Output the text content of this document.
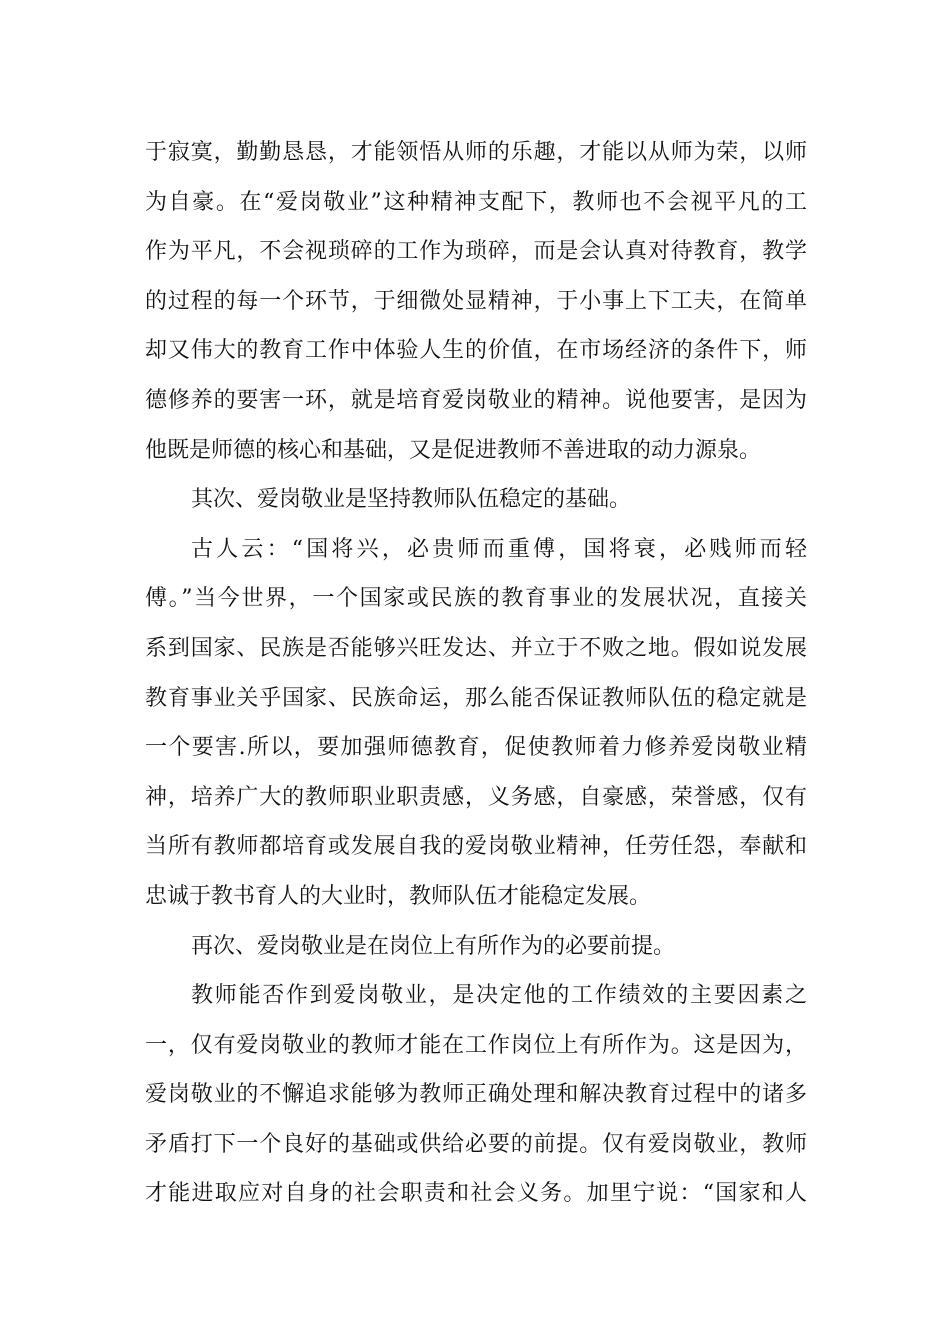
于寂寞，勤勤恳恳，才能领悟从师的乐趣，才能以从师为荣，以师
为自豪。在“爱岗敬业”这种精神支配下，教师也不会视平凡的工
作为平凡，不会视琐碎的工作为琐碎，而是会认真对待教育，教学
的过程的每一个环节，于细微处显精神，于小事上下工夫，在简单
却又伟大的教育工作中体验人生的价值，在市场经济的条件下，师
德修养的要害一环，就是培育爱岗敬业的精神。说他要害，是因为
他既是师德的核心和基础，又是促进教师不善进取的动力源泉。
其次、爱岗敬业是坚持教师队伍稳定的基础。
古人云：“国将兴，必贵师而重傅，国将衰，必贱师而轻
傅。”当今世界，一个国家或民族的教育事业的发展状况，直接关
系到国家、民族是否能够兴旺发达、并立于不败之地。假如说发展
教育事业关乎国家、民族命运，那么能否保证教师队伍的稳定就是
一个要害.所以，要加强师德教育，促使教师着力修养爱岗敬业精
神，培养广大的教师职业职责感，义务感，自豪感，荣誉感，仅有
当所有教师都培育或发展自我的爱岗敬业精神，任劳任怨，奉献和
忠诚于教书育人的大业时，教师队伍才能稳定发展。
再次、爱岗敬业是在岗位上有所作为的必要前提。
教师能否作到爱岗敬业，是决定他的工作绩效的主要因素之
一，仅有爱岗敬业的教师才能在工作岗位上有所作为。这是因为，
爱岗敬业的不懈追求能够为教师正确处理和解决教育过程中的诸多
矛盾打下一个良好的基础或供给必要的前提。仅有爱岗敬业，教师
才能进取应对自身的社会职责和社会义务。加里宁说：“国家和人
